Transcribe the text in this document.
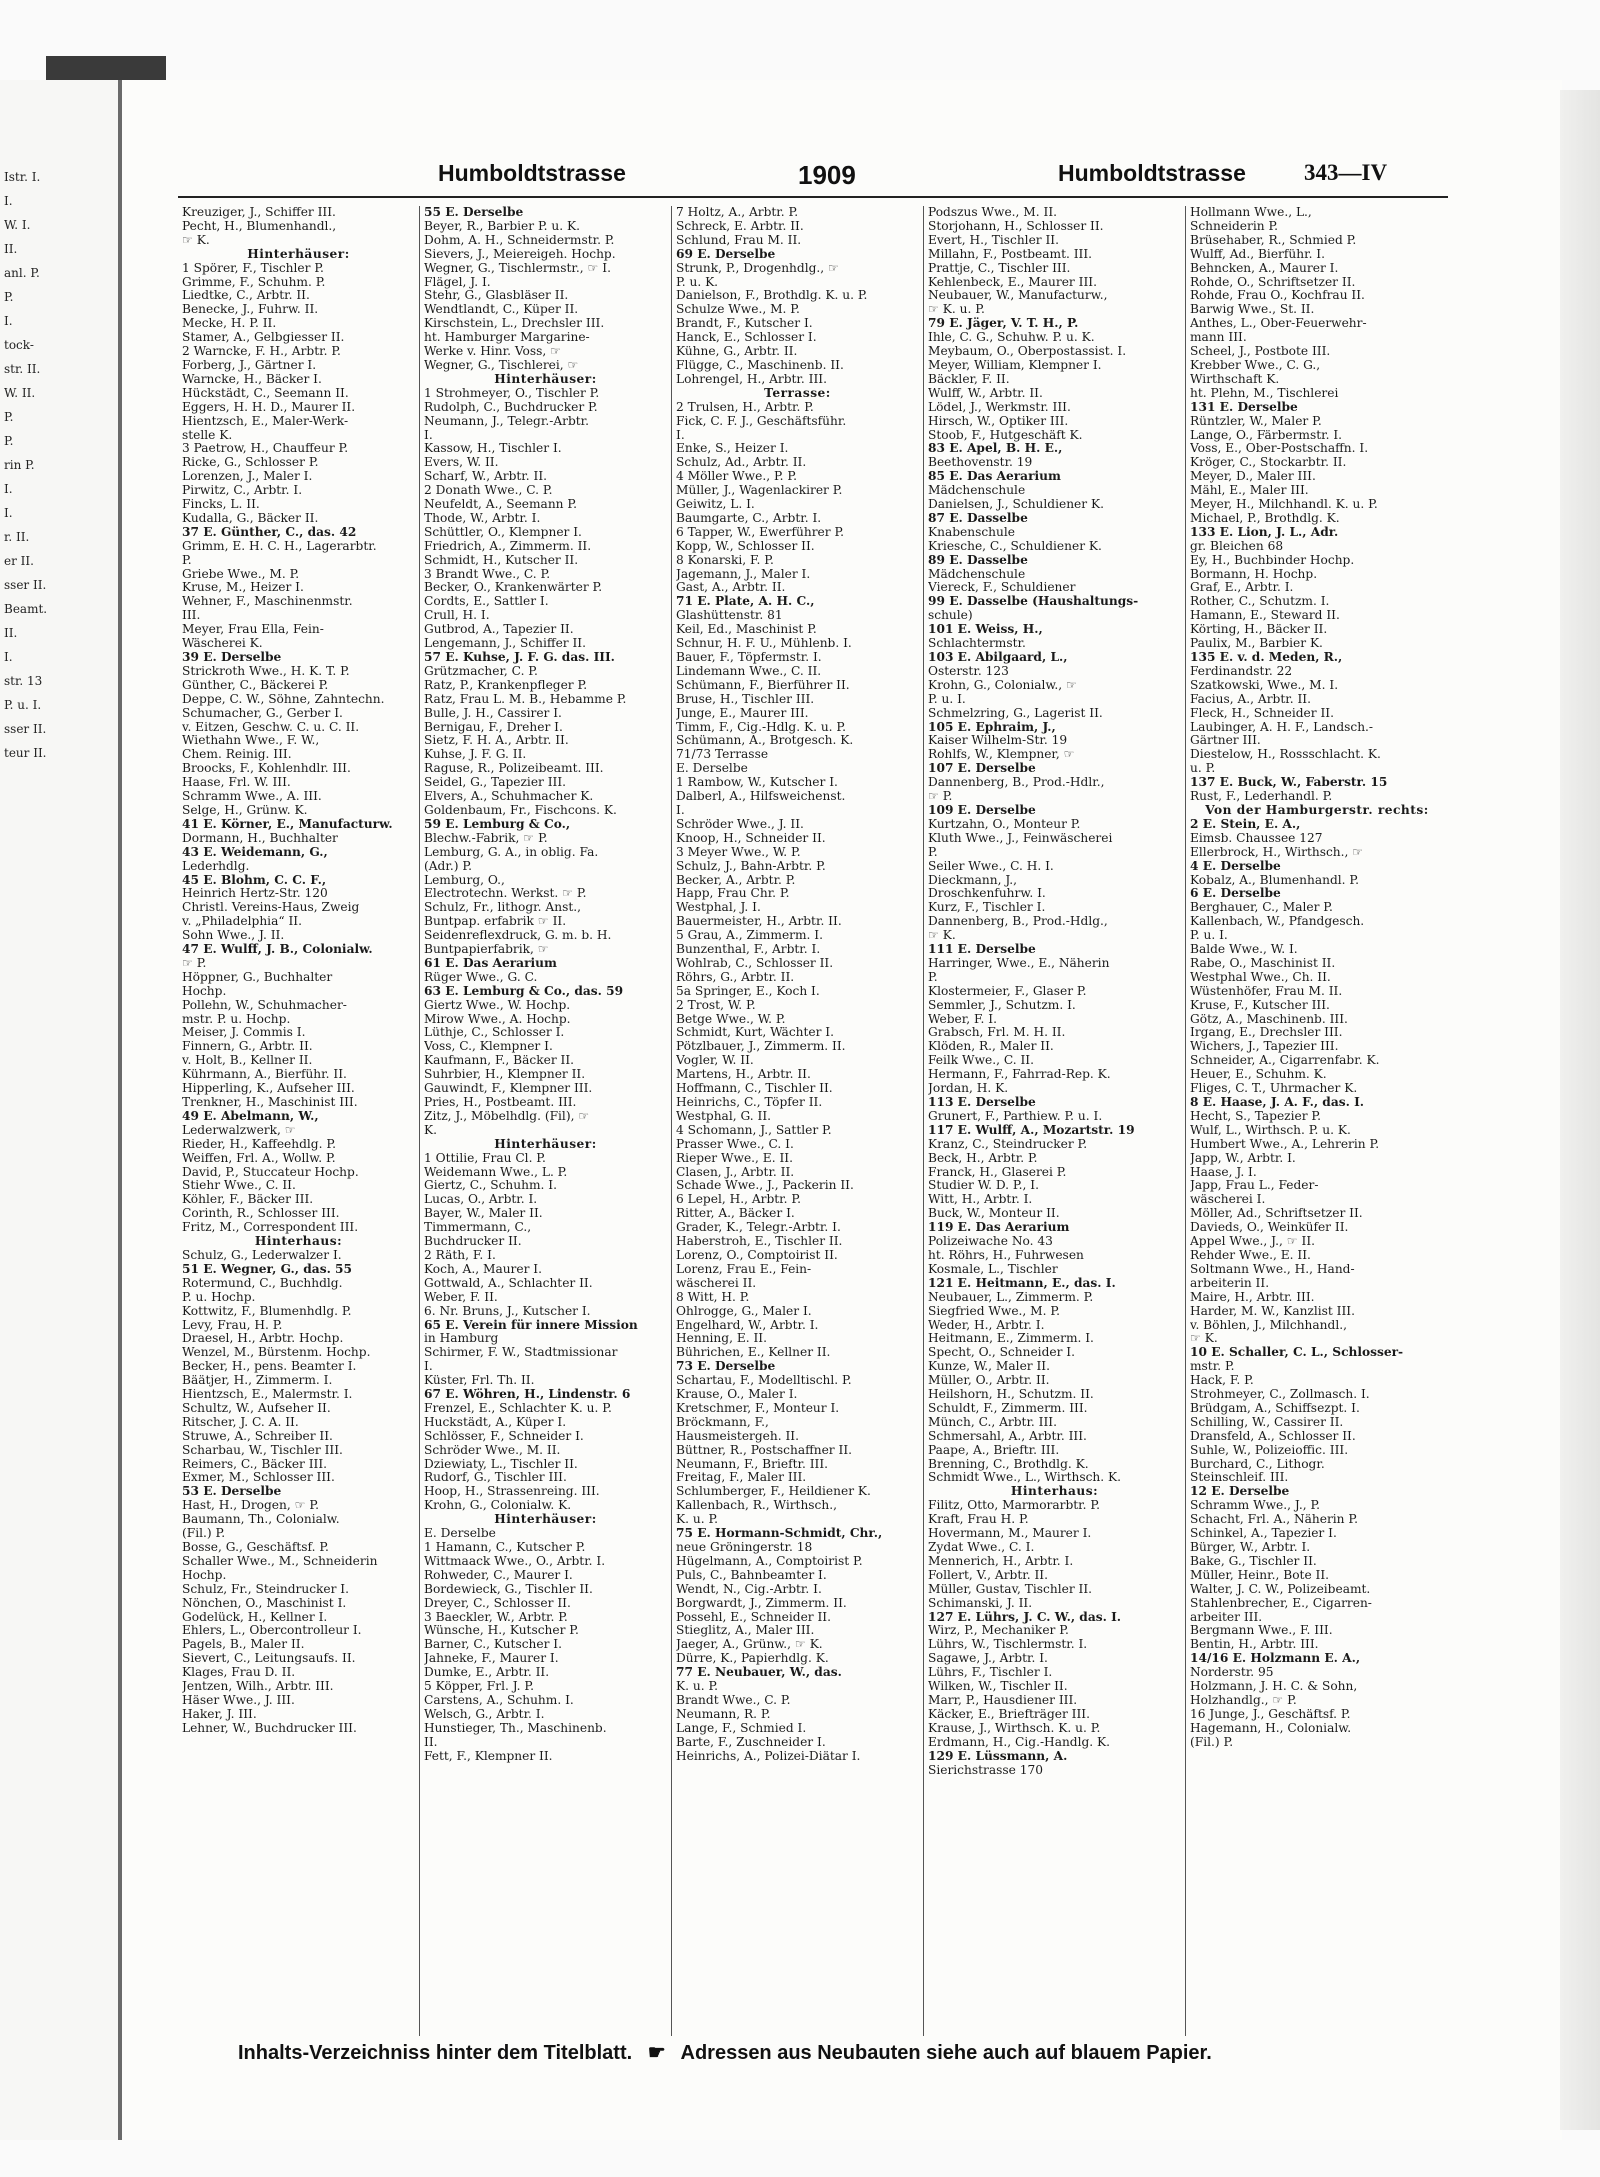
Istr. I.
I.
W. I.
II.
anl. P.
P.
I.
tock-
str. II.
W. II.
P.
P.
rin P.
I.
I.
r. II.
er II.
sser II.
Beamt.
II.
I.
str. 13
P. u. I.
sser II.
teur II.
Humboldtstrasse	1909	Humboldtstrasse	343—IV
Kreuziger, J., Schiffer III.
Pecht, H., Blumenhandl.,
☞ K.
Hinterhäuser:
1 Spörer, F., Tischler P.
Grimme, F., Schuhm. P.
Liedtke, C., Arbtr. II.
Benecke, J., Fuhrw. II.
Mecke, H. P. II.
Stamer, A., Gelbgiesser II.
2 Warncke, F. H., Arbtr. P.
Forberg, J., Gärtner I.
Warncke, H., Bäcker I.
Hückstädt, C., Seemann II.
Eggers, H. H. D., Maurer II.
Hientzsch, E., Maler-Werk-
stelle K.
3 Paetrow, H., Chauffeur P.
Ricke, G., Schlosser P.
Lorenzen, J., Maler I.
Pirwitz, C., Arbtr. I.
Fincks, L. II.
Kudalla, G., Bäcker II.
37 E. Günther, C., das. 42
Grimm, E. H. C. H., Lagerarbtr.
P.
Griebe Wwe., M. P.
Kruse, M., Heizer I.
Wehner, F., Maschinenmstr.
III.
Meyer, Frau Ella, Fein-
Wäscherei K.
39 E. Derselbe
Strickroth Wwe., H. K. T. P.
Günther, C., Bäckerei P.
Deppe, C. W., Söhne, Zahntechn.
Schumacher, G., Gerber I.
v. Eitzen, Geschw. C. u. C. II.
Wiethahn Wwe., F. W.,
Chem. Reinig. III.
Broocks, F., Kohlenhdlr. III.
Haase, Frl. W. III.
Schramm Wwe., A. III.
Selge, H., Grünw. K.
41 E. Körner, E., Manufacturw.
Dormann, H., Buchhalter
43 E. Weidemann, G.,
Lederhdlg.
45 E. Blohm, C. C. F.,
Heinrich Hertz-Str. 120
Christl. Vereins-Haus, Zweig
v. „Philadelphia“ II.
Sohn Wwe., J. II.
47 E. Wulff, J. B., Colonialw.
☞ P.
Höppner, G., Buchhalter
Hochp.
Pollehn, W., Schuhmacher-
mstr. P. u. Hochp.
Meiser, J. Commis I.
Finnern, G., Arbtr. II.
v. Holt, B., Kellner II.
Kührmann, A., Bierführ. II.
Hipperling, K., Aufseher III.
Trenkner, H., Maschinist III.
49 E. Abelmann, W.,
Lederwalzwerk, ☞
Rieder, H., Kaffeehdlg. P.
Weiffen, Frl. A., Wollw. P.
David, P., Stuccateur Hochp.
Stiehr Wwe., C. II.
Köhler, F., Bäcker III.
Corinth, R., Schlosser III.
Fritz, M., Correspondent III.
Hinterhaus:
Schulz, G., Lederwalzer I.
51 E. Wegner, G., das. 55
Rotermund, C., Buchhdlg.
P. u. Hochp.
Kottwitz, F., Blumenhdlg. P.
Levy, Frau, H. P.
Draesel, H., Arbtr. Hochp.
Wenzel, M., Bürstenm. Hochp.
Becker, H., pens. Beamter I.
Bäätjer, H., Zimmerm. I.
Hientzsch, E., Malermstr. I.
Schultz, W., Aufseher II.
Ritscher, J. C. A. II.
Struwe, A., Schreiber II.
Scharbau, W., Tischler III.
Reimers, C., Bäcker III.
Exmer, M., Schlosser III.
53 E. Derselbe
Hast, H., Drogen, ☞ P.
Baumann, Th., Colonialw.
(Fil.) P.
Bosse, G., Geschäftsf. P.
Schaller Wwe., M., Schneiderin
Hochp.
Schulz, Fr., Steindrucker I.
Nönchen, O., Maschinist I.
Godelück, H., Kellner I.
Ehlers, L., Obercontrolleur I.
Pagels, B., Maler II.
Sievert, C., Leitungsaufs. II.
Klages, Frau D. II.
Jentzen, Wilh., Arbtr. III.
Häser Wwe., J. III.
Haker, J. III.
Lehner, W., Buchdrucker III.
55 E. Derselbe
Beyer, R., Barbier P. u. K.
Dohm, A. H., Schneidermstr. P.
Sievers, J., Meiereigeh. Hochp.
Wegner, G., Tischlermstr., ☞ I.
Flägel, J. I.
Stehr, G., Glasbläser II.
Wendtlandt, C., Küper II.
Kirschstein, L., Drechsler III.
ht. Hamburger Margarine-
Werke v. Hinr. Voss, ☞
Wegner, G., Tischlerei, ☞
Hinterhäuser:
1 Strohmeyer, O., Tischler P.
Rudolph, C., Buchdrucker P.
Neumann, J., Telegr.-Arbtr.
I.
Kassow, H., Tischler I.
Evers, W. II.
Scharf, W., Arbtr. II.
2 Donath Wwe., C. P.
Neufeldt, A., Seemann P.
Thode, W., Arbtr. I.
Schüttler, O., Klempner I.
Friedrich, A., Zimmerm. II.
Schmidt, H., Kutscher II.
3 Brandt Wwe., C. P.
Becker, O., Krankenwärter P.
Cordts, E., Sattler I.
Crull, H. I.
Gutbrod, A., Tapezier II.
Lengemann, J., Schiffer II.
57 E. Kuhse, J. F. G. das. III.
Grützmacher, C. P.
Ratz, P., Krankenpfleger P.
Ratz, Frau L. M. B., Hebamme P.
Bulle, J. H., Cassirer I.
Bernigau, F., Dreher I.
Sietz, F. H. A., Arbtr. II.
Kuhse, J. F. G. II.
Raguse, R., Polizeibeamt. III.
Seidel, G., Tapezier III.
Elvers, A., Schuhmacher K.
Goldenbaum, Fr., Fischcons. K.
59 E. Lemburg & Co.,
Blechw.-Fabrik, ☞ P.
Lemburg, G. A., in oblig. Fa.
(Adr.) P.
Lemburg, O.,
Electrotechn. Werkst. ☞ P.
Schulz, Fr., lithogr. Anst.,
Buntpap. erfabrik ☞ II.
Seidenreflexdruck, G. m. b. H.
Buntpapierfabrik, ☞
61 E. Das Aerarium
Rüger Wwe., G. C.
63 E. Lemburg & Co., das. 59
Giertz Wwe., W. Hochp.
Mirow Wwe., A. Hochp.
Lüthje, C., Schlosser I.
Voss, C., Klempner I.
Kaufmann, F., Bäcker II.
Suhrbier, H., Klempner II.
Gauwindt, F., Klempner III.
Pries, H., Postbeamt. III.
Zitz, J., Möbelhdlg. (Fil), ☞
K.
Hinterhäuser:
1 Ottilie, Frau Cl. P.
Weidemann Wwe., L. P.
Giertz, C., Schuhm. I.
Lucas, O., Arbtr. I.
Bayer, W., Maler II.
Timmermann, C.,
Buchdrucker II.
2 Räth, F. I.
Koch, A., Maurer I.
Gottwald, A., Schlachter II.
Weber, F. II.
6. Nr. Bruns, J., Kutscher I.
65 E. Verein für innere Mission
in Hamburg
Schirmer, F. W., Stadtmissionar
I.
Küster, Frl. Th. II.
67 E. Wöhren, H., Lindenstr. 6
Frenzel, E., Schlachter K. u. P.
Huckstädt, A., Küper I.
Schlösser, F., Schneider I.
Schröder Wwe., M. II.
Dziewiaty, L., Tischler II.
Rudorf, G., Tischler III.
Hoop, H., Strassenreing. III.
Krohn, G., Colonialw. K.
Hinterhäuser:
E. Derselbe
1 Hamann, C., Kutscher P.
Wittmaack Wwe., O., Arbtr. I.
Rohweder, C., Maurer I.
Bordewieck, G., Tischler II.
Dreyer, C., Schlosser II.
3 Baeckler, W., Arbtr. P.
Wünsche, H., Kutscher P.
Barner, C., Kutscher I.
Jahneke, F., Maurer I.
Dumke, E., Arbtr. II.
5 Köpper, Frl. J. P.
Carstens, A., Schuhm. I.
Welsch, G., Arbtr. I.
Hunstieger, Th., Maschinenb.
II.
Fett, F., Klempner II.
7 Holtz, A., Arbtr. P.
Schreck, E. Arbtr. II.
Schlund, Frau M. II.
69 E. Derselbe
Strunk, P., Drogenhdlg., ☞
P. u. K.
Danielson, F., Brothdlg. K. u. P.
Schulze Wwe., M. P.
Brandt, F., Kutscher I.
Hanck, E., Schlosser I.
Kühne, G., Arbtr. II.
Flügge, C., Maschinenb. II.
Lohrengel, H., Arbtr. III.
Terrasse:
2 Trulsen, H., Arbtr. P.
Fick, C. F. J., Geschäftsführ.
I.
Enke, S., Heizer I.
Schulz, Ad., Arbtr. II.
4 Möller Wwe., P. P.
Müller, J., Wagenlackirer P.
Geiwitz, L. I.
Baumgarte, C., Arbtr. I.
6 Tapper, W., Ewerführer P.
Kopp, W., Schlosser II.
8 Konarski, F. P.
Jagemann, J., Maler I.
Gast, A., Arbtr. II.
71 E. Plate, A. H. C.,
Glashüttenstr. 81
Keil, Ed., Maschinist P.
Schnur, H. F. U., Mühlenb. I.
Bauer, F., Töpfermstr. I.
Lindemann Wwe., C. II.
Schümann, F., Bierführer II.
Bruse, H., Tischler III.
Junge, E., Maurer III.
Timm, F., Cig.-Hdlg. K. u. P.
Schümann, A., Brotgesch. K.
71/73 Terrasse
E. Derselbe
1 Rambow, W., Kutscher I.
Dalberl, A., Hilfsweichenst.
I.
Schröder Wwe., J. II.
Knoop, H., Schneider II.
3 Meyer Wwe., W. P.
Schulz, J., Bahn-Arbtr. P.
Becker, A., Arbtr. P.
Happ, Frau Chr. P.
Westphal, J. I.
Bauermeister, H., Arbtr. II.
5 Grau, A., Zimmerm. I.
Bunzenthal, F., Arbtr. I.
Wohlrab, C., Schlosser II.
Röhrs, G., Arbtr. II.
5a Springer, E., Koch I.
2 Trost, W. P.
Betge Wwe., W. P.
Schmidt, Kurt, Wächter I.
Pötzlbauer, J., Zimmerm. II.
Vogler, W. II.
Martens, H., Arbtr. II.
Hoffmann, C., Tischler II.
Heinrichs, C., Töpfer II.
Westphal, G. II.
4 Schomann, J., Sattler P.
Prasser Wwe., C. I.
Rieper Wwe., E. II.
Clasen, J., Arbtr. II.
Schade Wwe., J., Packerin II.
6 Lepel, H., Arbtr. P.
Ritter, A., Bäcker I.
Grader, K., Telegr.-Arbtr. I.
Haberstroh, E., Tischler II.
Lorenz, O., Comptoirist II.
Lorenz, Frau E., Fein-
wäscherei II.
8 Witt, H. P.
Ohlrogge, G., Maler I.
Engelhard, W., Arbtr. I.
Henning, E. II.
Bührichen, E., Kellner II.
73 E. Derselbe
Schartau, F., Modelltischl. P.
Krause, O., Maler I.
Kretschmer, F., Monteur I.
Bröckmann, F.,
Hausmeistergeh. II.
Büttner, R., Postschaffner II.
Neumann, F., Brieftr. III.
Freitag, F., Maler III.
Schlumberger, F., Heildiener K.
Kallenbach, R., Wirthsch.,
K. u. P.
75 E. Hormann-Schmidt, Chr.,
neue Gröningerstr. 18
Hügelmann, A., Comptoirist P.
Puls, C., Bahnbeamter I.
Wendt, N., Cig.-Arbtr. I.
Borgwardt, J., Zimmerm. II.
Possehl, E., Schneider II.
Stieglitz, A., Maler III.
Jaeger, A., Grünw., ☞ K.
Dürre, K., Papierhdlg. K.
77 E. Neubauer, W., das.
K. u. P.
Brandt Wwe., C. P.
Neumann, R. P.
Lange, F., Schmied I.
Barte, F., Zuschneider I.
Heinrichs, A., Polizei-Diätar I.
Podszus Wwe., M. II.
Storjohann, H., Schlosser II.
Evert, H., Tischler II.
Millahn, F., Postbeamt. III.
Prattje, C., Tischler III.
Kehlenbeck, E., Maurer III.
Neubauer, W., Manufacturw.,
☞ K. u. P.
79 E. Jäger, V. T. H., P.
Ihle, C. G., Schuhw. P. u. K.
Meybaum, O., Oberpostassist. I.
Meyer, William, Klempner I.
Bäckler, F. II.
Wulff, W., Arbtr. II.
Lödel, J., Werkmstr. III.
Hirsch, W., Optiker III.
Stoob, F., Hutgeschäft K.
83 E. Apel, B. H. E.,
Beethovenstr. 19
85 E. Das Aerarium
Mädchenschule
Danielsen, J., Schuldiener K.
87 E. Dasselbe
Knabenschule
Kriesche, C., Schuldiener K.
89 E. Dasselbe
Mädchenschule
Viereck, F., Schuldiener
99 E. Dasselbe (Haushaltungs-
schule)
101 E. Weiss, H.,
Schlachtermstr.
103 E. Abilgaard, L.,
Osterstr. 123
Krohn, G., Colonialw., ☞
P. u. I.
Schmelzring, G., Lagerist II.
105 E. Ephraim, J.,
Kaiser Wilhelm-Str. 19
Rohlfs, W., Klempner, ☞
107 E. Derselbe
Dannenberg, B., Prod.-Hdlr.,
☞ P.
109 E. Derselbe
Kurtzahn, O., Monteur P.
Kluth Wwe., J., Feinwäscherei
P.
Seiler Wwe., C. H. I.
Dieckmann, J.,
Droschkenfuhrw. I.
Kurz, F., Tischler I.
Dannenberg, B., Prod.-Hdlg.,
☞ K.
111 E. Derselbe
Harringer, Wwe., E., Näherin
P.
Klostermeier, F., Glaser P.
Semmler, J., Schutzm. I.
Weber, F. I.
Grabsch, Frl. M. H. II.
Klöden, R., Maler II.
Feilk Wwe., C. II.
Hermann, F., Fahrrad-Rep. K.
Jordan, H. K.
113 E. Derselbe
Grunert, F., Parthiew. P. u. I.
117 E. Wulff, A., Mozartstr. 19
Kranz, C., Steindrucker P.
Beck, H., Arbtr. P.
Franck, H., Glaserei P.
Studier W. D. P., I.
Witt, H., Arbtr. I.
Buck, W., Monteur II.
119 E. Das Aerarium
Polizeiwache No. 43
ht. Röhrs, H., Fuhrwesen
Kosmale, L., Tischler
121 E. Heitmann, E., das. I.
Neubauer, L., Zimmerm. P.
Siegfried Wwe., M. P.
Weder, H., Arbtr. I.
Heitmann, E., Zimmerm. I.
Specht, O., Schneider I.
Kunze, W., Maler II.
Müller, O., Arbtr. II.
Heilshorn, H., Schutzm. II.
Schuldt, F., Zimmerm. III.
Münch, C., Arbtr. III.
Schmersahl, A., Arbtr. III.
Paape, A., Brieftr. III.
Brenning, C., Brothdlg. K.
Schmidt Wwe., L., Wirthsch. K.
Hinterhaus:
Filitz, Otto, Marmorarbtr. P.
Kraft, Frau H. P.
Hovermann, M., Maurer I.
Zydat Wwe., C. I.
Mennerich, H., Arbtr. I.
Follert, V., Arbtr. II.
Müller, Gustav, Tischler II.
Schimanski, J. II.
127 E. Lührs, J. C. W., das. I.
Wirz, P., Mechaniker P.
Lührs, W., Tischlermstr. I.
Sagawe, J., Arbtr. I.
Lührs, F., Tischler I.
Wilken, W., Tischler II.
Marr, P., Hausdiener III.
Käcker, E., Briefträger III.
Krause, J., Wirthsch. K. u. P.
Erdmann, H., Cig.-Handlg. K.
129 E. Lüssmann, A.
Sierichstrasse 170
Hollmann Wwe., L.,
Schneiderin P.
Brüsehaber, R., Schmied P.
Wulff, Ad., Bierführ. I.
Behncken, A., Maurer I.
Rohde, O., Schriftsetzer II.
Rohde, Frau O., Kochfrau II.
Barwig Wwe., St. II.
Anthes, L., Ober-Feuerwehr-
mann III.
Scheel, J., Postbote III.
Krebber Wwe., C. G.,
Wirthschaft K.
ht. Plehn, M., Tischlerei
131 E. Derselbe
Rüntzler, W., Maler P.
Lange, O., Färbermstr. I.
Voss, E., Ober-Postschaffn. I.
Kröger, C., Stockarbtr. II.
Meyer, D., Maler III.
Mähl, E., Maler III.
Meyer, H., Milchhandl. K. u. P.
Michael, P., Brothdlg. K.
133 E. Lion, J. L., Adr.
gr. Bleichen 68
Ey, H., Buchbinder Hochp.
Bormann, H. Hochp.
Graf, E., Arbtr. I.
Rother, C., Schutzm. I.
Hamann, E., Steward II.
Körting, H., Bäcker II.
Paulix, M., Barbier K.
135 E. v. d. Meden, R.,
Ferdinandstr. 22
Szatkowski, Wwe., M. I.
Facius, A., Arbtr. II.
Fleck, H., Schneider II.
Laubinger, A. H. F., Landsch.-
Gärtner III.
Diestelow, H., Rossschlacht. K.
u. P.
137 E. Buck, W., Faberstr. 15
Rust, F., Lederhandl. P.
Von der Hamburgerstr. rechts:
2 E. Stein, E. A.,
Eimsb. Chaussee 127
Ellerbrock, H., Wirthsch., ☞
4 E. Derselbe
Kobalz, A., Blumenhandl. P.
6 E. Derselbe
Berghauer, C., Maler P.
Kallenbach, W., Pfandgesch.
P. u. I.
Balde Wwe., W. I.
Rabe, O., Maschinist II.
Westphal Wwe., Ch. II.
Wüstenhöfer, Frau M. II.
Kruse, F., Kutscher III.
Götz, A., Maschinenb. III.
Irgang, E., Drechsler III.
Wichers, J., Tapezier III.
Schneider, A., Cigarrenfabr. K.
Heuer, E., Schuhm. K.
Fliges, C. T., Uhrmacher K.
8 E. Haase, J. A. F., das. I.
Hecht, S., Tapezier P.
Wulf, L., Wirthsch. P. u. K.
Humbert Wwe., A., Lehrerin P.
Japp, W., Arbtr. I.
Haase, J. I.
Japp, Frau L., Feder-
wäscherei I.
Möller, Ad., Schriftsetzer II.
Davieds, O., Weinküfer II.
Appel Wwe., J., ☞ II.
Rehder Wwe., E. II.
Soltmann Wwe., H., Hand-
arbeiterin II.
Maire, H., Arbtr. III.
Harder, M. W., Kanzlist III.
v. Böhlen, J., Milchhandl.,
☞ K.
10 E. Schaller, C. L., Schlosser-
mstr. P.
Hack, F. P.
Strohmeyer, C., Zollmasch. I.
Brüdgam, A., Schiffsezpt. I.
Schilling, W., Cassirer II.
Dransfeld, A., Schlosser II.
Suhle, W., Polizeioffic. III.
Burchard, C., Lithogr.
Steinschleif. III.
12 E. Derselbe
Schramm Wwe., J., P.
Schacht, Frl. A., Näherin P.
Schinkel, A., Tapezier I.
Bürger, W., Arbtr. I.
Bake, G., Tischler II.
Müller, Heinr., Bote II.
Walter, J. C. W., Polizeibeamt.
Stahlenbrecher, E., Cigarren-
arbeiter III.
Bergmann Wwe., F. III.
Bentin, H., Arbtr. III.
14/16 E. Holzmann E. A.,
Norderstr. 95
Holzmann, J. H. C. & Sohn,
Holzhandlg., ☞ P.
16 Junge, J., Geschäftsf. P.
Hagemann, H., Colonialw.
(Fil.) P.
Inhalts-Verzeichniss hinter dem Titelblatt. ☛ Adressen aus Neubauten siehe auch auf blauem Papier.
